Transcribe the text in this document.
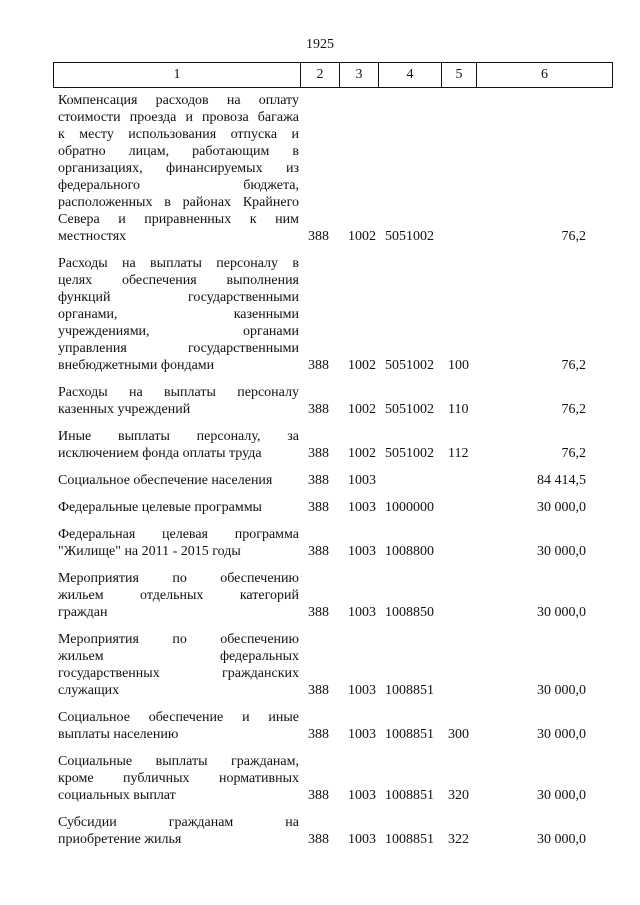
1925
1	2	3	4	5	6
Компенсация расходов на оплату
стоимости проезда и провоза багажа
к месту использования отпуска и
обратно лицам, работающим в
организациях, финансируемых из
федерального бюджета,
расположенных в районах Крайнего
Севера и приравненных к ним
местностях	388 1002 5051002	76,2
Расходы на выплаты персоналу в
целях обеспечения выполнения
функций государственными
органами, казенными
учреждениями, органами
управления государственными
внебюджетными фондами	388 1002 5051002 100	76,2
Расходы на выплаты персоналу
казенных учреждений	388 1002 5051002 110	76,2
Иные выплаты персоналу, за
исключением фонда оплаты труда	388 1002 5051002 112	76,2
Социальное обеспечение населения	388 1003	84 414,5
Федеральные целевые программы	388 1003 1000000	30 000,0
Федеральная целевая программа
"Жилище" на 2011 - 2015 годы	388 1003 1008800	30 000,0
Мероприятия по обеспечению
жильем отдельных категорий
граждан	388 1003 1008850	30 000,0
Мероприятия по обеспечению
жильем федеральных
государственных гражданских
служащих	388 1003 1008851	30 000,0
Социальное обеспечение и иные
выплаты населению	388 1003 1008851 300	30 000,0
Социальные выплаты гражданам,
кроме публичных нормативных
социальных выплат	388 1003 1008851 320	30 000,0
Субсидии гражданам на
приобретение жилья	388 1003 1008851 322	30 000,0
